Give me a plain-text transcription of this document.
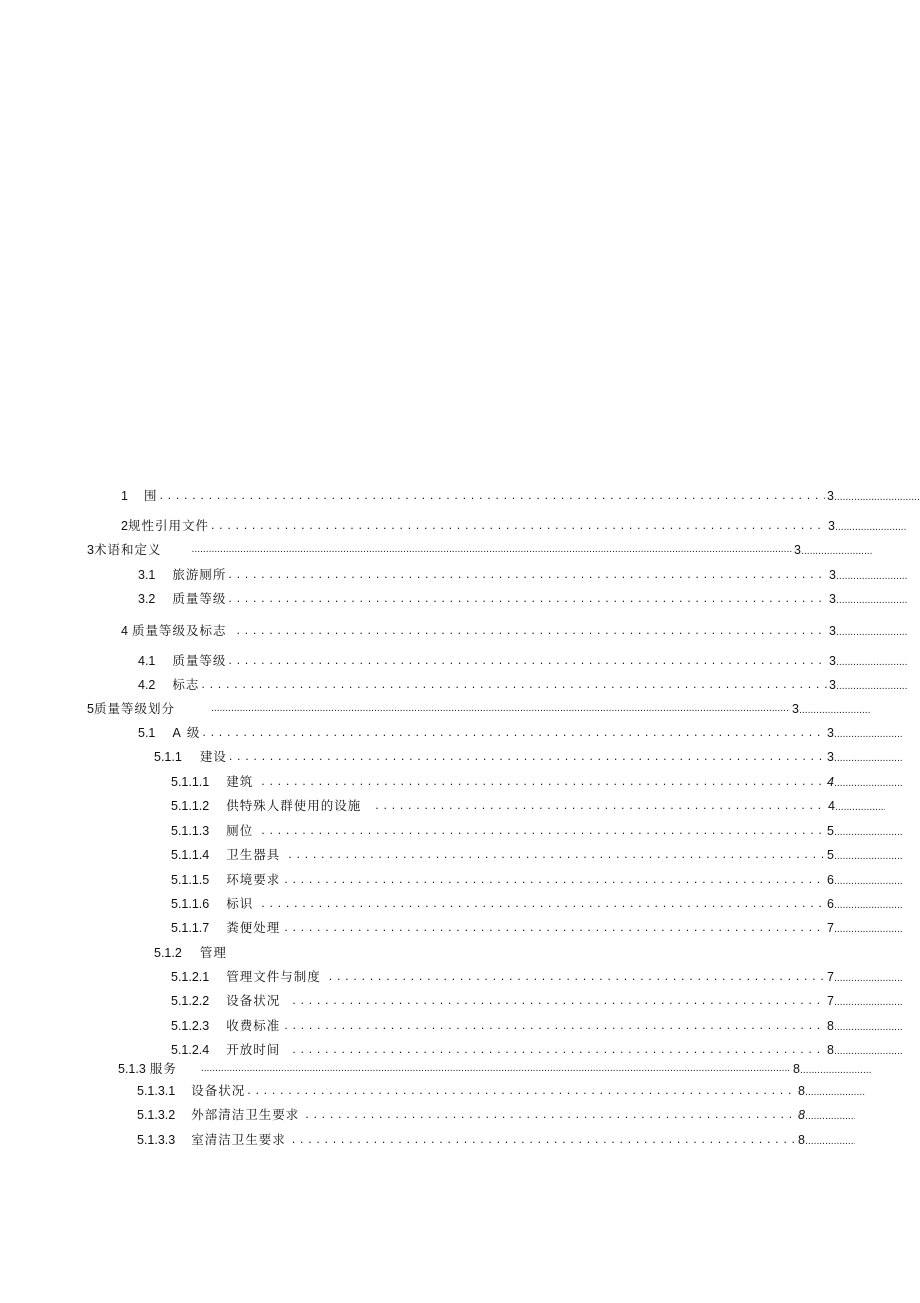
1 围 . . .	3
.....
2 规性引用文件 . . .	3
.....
3 术语和定义 .....	3
.....
3.1 旅游厕所 . . .	3
.....
3.2 质量等级 . . .	3
.....
4 质量等级及标志 . . .	3
.....
4.1 质量等级 . . .	3
.....
4.2 标志 . . .	3
.....
5 质量等级划分 .....	3
.....
5.1 A 级 . . .	3
.....
5.1.1 建设 . . .	3
.....
5.1.1.1 建筑 . . .	4
.....
5.1.1.2 供特殊人群使用的设施 . . .	4
.....
5.1.1.3 厕位 . . .	5
.....
5.1.1.4 卫生器具 . . .	5
.....
5.1.1.5 环境要求 . . .	6
.....
5.1.1.6 标识 . . .	6
.....
5.1.1.7 粪便处理 . . .	7
.....
5.1.2 管理
5.1.2.1 管理文件与制度 . . .	7
.....
5.1.2.2 设备状况 . . .	7
.....
5.1.2.3 收费标准 . . .	8
.....
5.1.2.4 开放时间 . . .	8
.....
5.1.3 服务 .....	8
.....
5.1.3.1 设备状况 . . .	8
.....
5.1.3.2 外部清洁卫生要求 . . .	8
.....
5.1.3.3 室清洁卫生要求 . . .	8
.....
